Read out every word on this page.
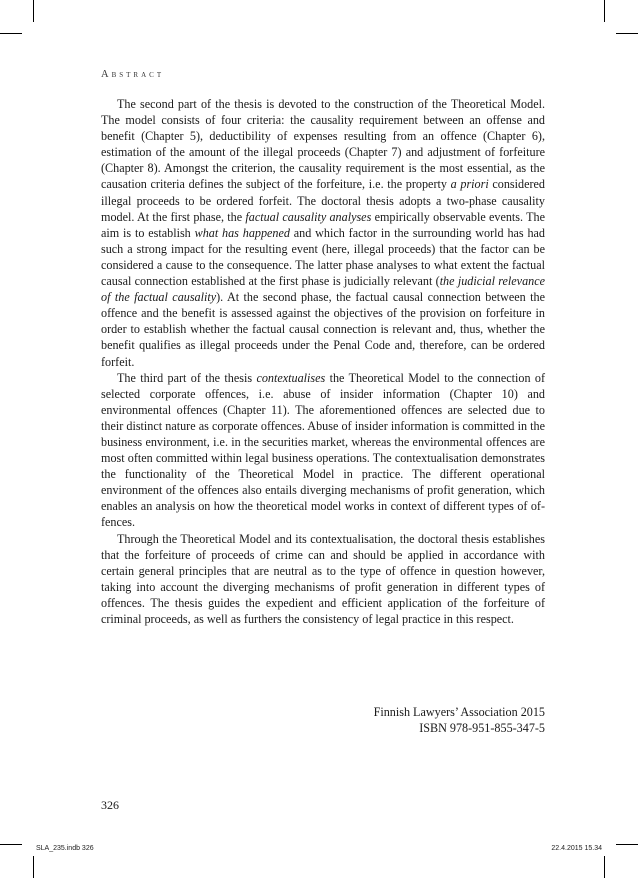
Abstract

The second part of the thesis is devoted to the construction of the Theoretical Model. The model consists of four criteria: the causality requirement between an offense and benefit (Chapter 5), deductibility of expenses resulting from an offence (Chapter 6), estimation of the amount of the illegal proceeds (Chapter 7) and adjustment of forfeiture (Chapter 8). Amongst the criterion, the causality requirement is the most essential, as the causation criteria defines the subject of the forfeiture, i.e. the property a priori considered illegal proceeds to be ordered forfeit. The doctoral thesis adopts a two-phase causality model. At the first phase, the factual causality analyses empirically observable events. The aim is to establish what has happened and which factor in the surrounding world has had such a strong impact for the resulting event (here, illegal proceeds) that the factor can be considered a cause to the consequence. The latter phase analyses to what extent the factual causal connection established at the first phase is judicially relevant (the judicial relevance of the factual causality). At the second phase, the factual causal connection between the offence and the benefit is assessed against the objectives of the provision on forfeiture in order to establish whether the factual causal connection is relevant and, thus, whether the benefit qualifies as illegal proceeds under the Penal Code and, therefore, can be ordered forfeit.

The third part of the thesis contextualises the Theoretical Model to the connection of selected corporate offences, i.e. abuse of insider information (Chapter 10) and environmental offences (Chapter 11). The aforementioned offences are selected due to their distinct nature as corporate offences. Abuse of insider information is committed in the business environment, i.e. in the securities market, whereas the environmental offences are most often committed within legal business operations. The contextualisation demonstrates the functionality of the Theoretical Model in practice. The different operational environment of the offences also entails diverging mechanisms of profit generation, which enables an analysis on how the theoretical model works in context of different types of offences.

Through the Theoretical Model and its contextualisation, the doctoral thesis establishes that the forfeiture of proceeds of crime can and should be applied in accordance with certain general principles that are neutral as to the type of offence in question however, taking into account the diverging mechanisms of profit generation in different types of offences. The thesis guides the expedient and efficient application of the forfeiture of criminal proceeds, as well as furthers the consistency of legal practice in this respect.

Finnish Lawyers’ Association 2015
ISBN 978-951-855-347-5
326
SLA_235.indb 326	22.4.2015 15.34
